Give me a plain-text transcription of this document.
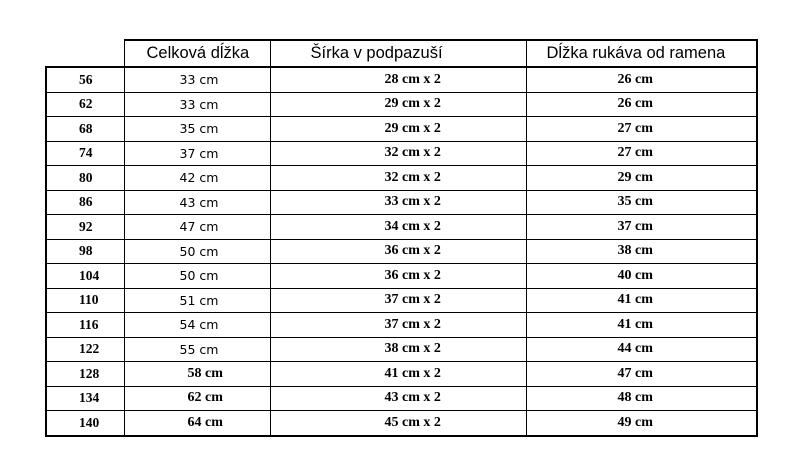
	Celková dĺžka	Šírka v podpazuší	Dĺžka rukáva od ramena
56	33 cm	28 cm x 2	26 cm
62	33 cm	29 cm x 2	26 cm
68	35 cm	29 cm x 2	27 cm
74	37 cm	32 cm x 2	27 cm
80	42 cm	32 cm x 2	29 cm
86	43 cm	33 cm x 2	35 cm
92	47 cm	34 cm x 2	37 cm
98	50 cm	36 cm x 2	38 cm
104	50 cm	36 cm x 2	40 cm
110	51 cm	37 cm x 2	41 cm
116	54 cm	37 cm x 2	41 cm
122	55 cm	38 cm x 2	44 cm
128	58 cm	41 cm x 2	47 cm
134	62 cm	43 cm x 2	48 cm
140	64 cm	45 cm x 2	49 cm
